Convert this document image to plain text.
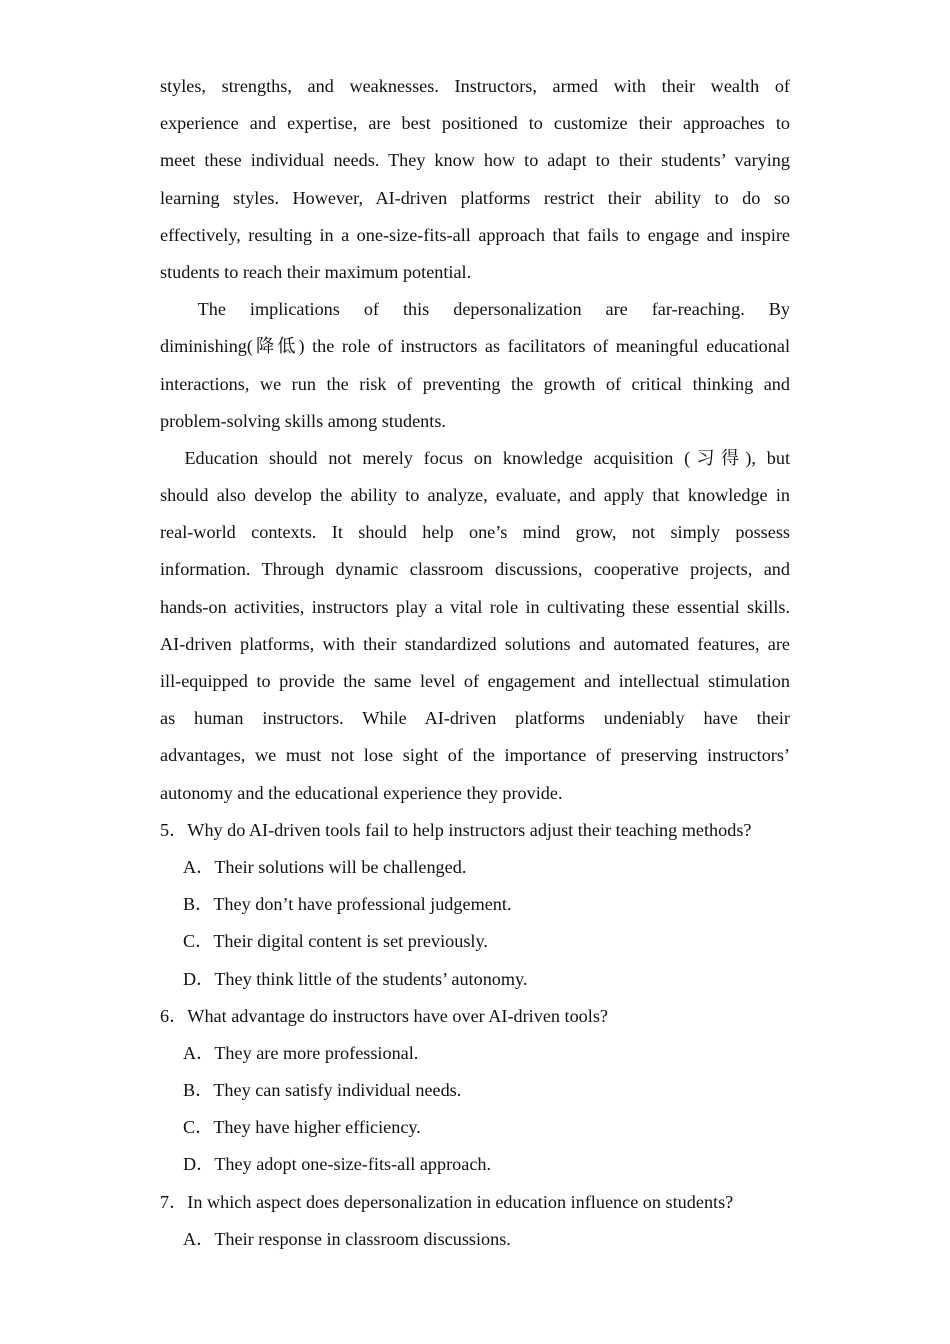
styles, strengths, and weaknesses. Instructors, armed with their wealth of
experience and expertise, are best positioned to customize their approaches to
meet these individual needs. They know how to adapt to their students’ varying
learning styles. However, AI-driven platforms restrict their ability to do so
effectively, resulting in a one-size-fits-all approach that fails to engage and inspire
students to reach their maximum potential.
　The implications of this depersonalization are far-reaching. By
diminishing(降低) the role of instructors as facilitators of meaningful educational
interactions, we run the risk of preventing the growth of critical thinking and
problem-solving skills among students.
　Education should not merely focus on knowledge acquisition (习得), but
should also develop the ability to analyze, evaluate, and apply that knowledge in
real-world contexts. It should help one’s mind grow, not simply possess
information. Through dynamic classroom discussions, cooperative projects, and
hands-on activities, instructors play a vital role in cultivating these essential skills.
AI-driven platforms, with their standardized solutions and automated features, are
ill-equipped to provide the same level of engagement and intellectual stimulation
as human instructors. While AI-driven platforms undeniably have their
advantages, we must not lose sight of the importance of preserving instructors’
autonomy and the educational experience they provide.
5．Why do AI-driven tools fail to help instructors adjust their teaching methods?
A．Their solutions will be challenged.
B．They don’t have professional judgement.
C．Their digital content is set previously.
D．They think little of the students’ autonomy.
6．What advantage do instructors have over AI-driven tools?
A．They are more professional.
B．They can satisfy individual needs.
C．They have higher efficiency.
D．They adopt one-size-fits-all approach.
7．In which aspect does depersonalization in education influence on students?
A．Their response in classroom discussions.
